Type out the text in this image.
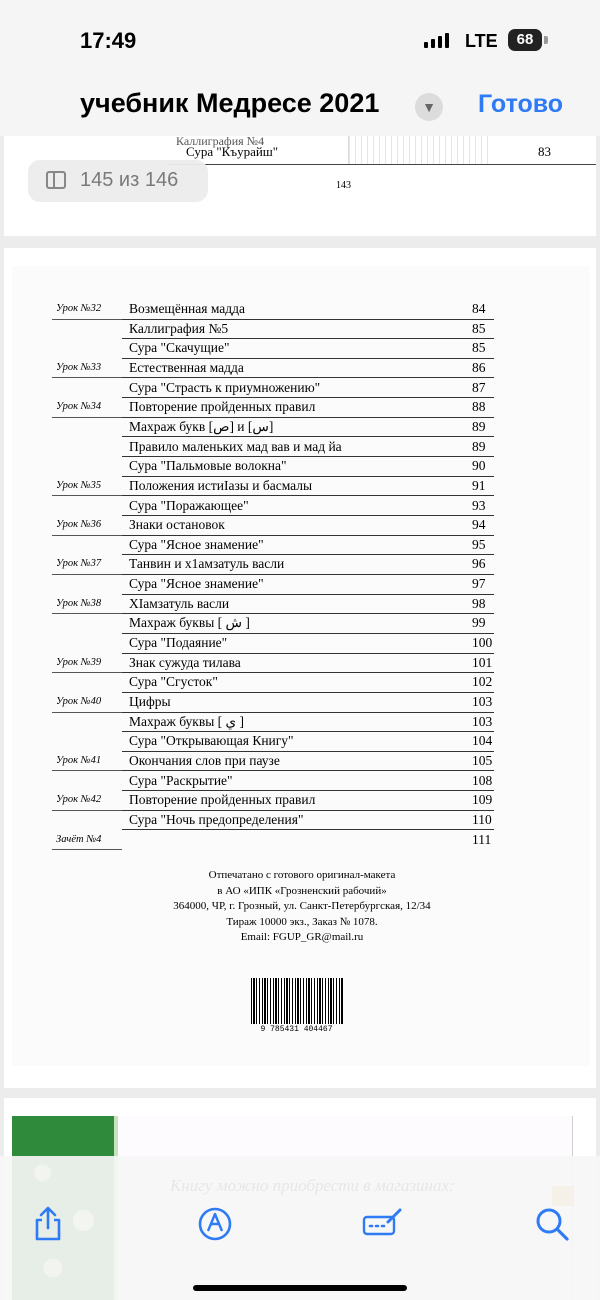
17:49	LTE	68
учебник Медресе 2021	▼ Готово
Каллиграфия №4
Сура "Къурайш"	83
143
145 из 146
Отпечатано с готового оригинал-макета
в АО «ИПК «Грозненский рабочий»
364000, ЧР, г. Грозный, ул. Санкт-Петербургская, 12/34
Тираж 10000 экз., Заказ № 1078.
Email: FGUP_GR@mail.ru
9 785431 404467
Урок №32 Возмещённая мадда	84
Каллиграфия №5	85
Сура "Скачущие"	85
Урок №33 Естественная мадда	86
Сура "Страсть к приумножению"	87
Урок №34 Повторение пройденных правил	88
Махраж букв [ص] и [س]	89
Правило маленьких мад вав и мад йа	89
Сура "Пальмовые волокна"	90
Урок №35 Положения истиIазы и басмалы	91
Сура "Поражающее"	93
Урок №36 Знаки остановок	94
Сура "Ясное знамение"	95
Урок №37 Танвин и х1амзатуль васли	96
Сура "Ясное знамение"	97
Урок №38 ХIамзатуль васли	98
Махраж буквы [ ش ]	99
Сура "Подаяние"	100
Урок №39 Знак сужуда тилава	101
Сура "Сгусток"	102
Урок №40 Цифры	103
Махраж буквы [ ي ]	103
Сура "Открывающая Книгу"	104
Урок №41 Окончания слов при паузе	105
Сура "Раскрытие"	108
Урок №42 Повторение пройденных правил	109
Сура "Ночь предопределения"	110
Зачёт №4	111
